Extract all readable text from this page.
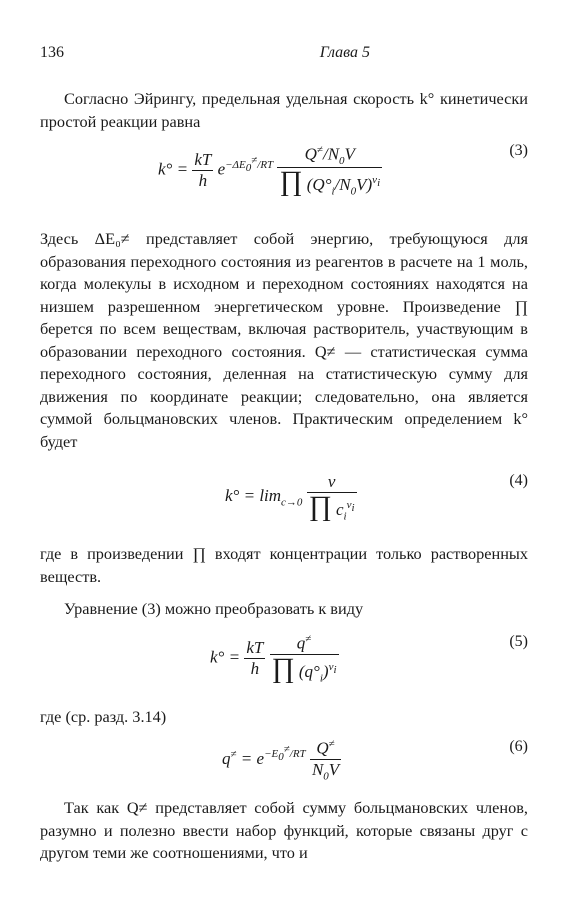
136	Глава 5

Согласно Эйрингу, предельная удельная скорость k° кинетически простой реакции равна

$k^\circ = \frac{kT}{h} e^{-\Delta E_0^\ne/RT} \frac{Q^\ne/N_0V}{\prod (Q^\circ_i/N_0V)^{\nu_i}}$	(3)

Здесь ΔE₀≠ представляет собой энергию, требующуюся для образования переходного состояния из реагентов в расчете на 1 моль, когда молекулы в исходном и переходном состояниях находятся на низшем разрешенном энергетическом уровне. Произведение ∏ берется по всем веществам, включая растворитель, участвующим в образовании переходного состояния. Q≠ — статистическая сумма переходного состояния, деленная на статистическую сумму для движения по координате реакции; следовательно, она является суммой больцмановских членов. Практическим определением k° будет

$k^\circ = \lim_{c\to 0} \frac{v}{\prod c_i^{\nu_i}}$	(4)

где в произведении ∏ входят концентрации только растворенных веществ.

Уравнение (3) можно преобразовать к виду

$k^\circ = \frac{kT}{h}$
$\frac{q^\ne}{\prod (q^\circ_i)^{\nu_i}}$	(5)

где (ср. разд. 3.14)

$q^\ne = e^{-E_0^\ne/RT} \frac{Q^\ne}{N_0V}$	(6)

Так как Q≠ представляет собой сумму больцмановских членов, разумно и полезно ввести набор функций, которые связаны друг с другом теми же соотношениями, что и
